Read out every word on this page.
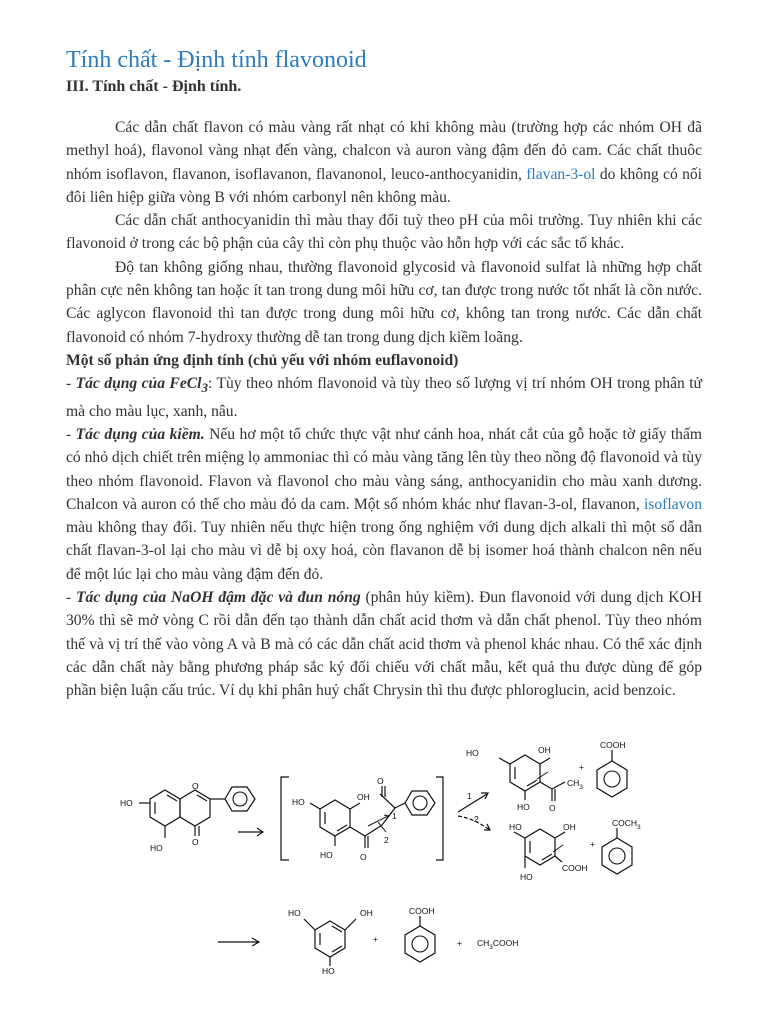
Tính chất - Định tính flavonoid
III. Tính chất - Định tính.

Các dẫn chất flavon có màu vàng rất nhạt có khi không màu (trường hợp các nhóm OH đã methyl hoá), flavonol vàng nhạt đến vàng, chalcon và auron vàng đậm đến đỏ cam. Các chất thuôc nhóm isoflavon, flavanon, isoflavanon, flavanonol, leuco-anthocyanidin, flavan-3-ol do không có nối đôi liên hiệp giữa vòng B với nhóm carbonyl nên không màu.

Các dẫn chất anthocyanidin thì màu thay đổi tuỳ theo pH của môi trường. Tuy nhiên khi các flavonoid ở trong các bộ phận của cây thì còn phụ thuộc vào hỗn hợp với các sắc tố khác.

Độ tan không giống nhau, thường flavonoid glycosid và flavonoid sulfat là những hợp chất phân cực nên không tan hoặc ít tan trong dung môi hữu cơ, tan được trong nước tốt nhất là cồn nước. Các aglycon flavonoid thì tan được trong dung môi hữu cơ, không tan trong nước. Các dẫn chất flavonoid có nhóm 7-hydroxy thường dễ tan trong dung dịch kiềm loãng.

Một số phản ứng định tính (chủ yếu với nhóm euflavonoid)

- Tác dụng của FeCl$_3$: Tùy theo nhóm flavonoid và tùy theo số lượng vị trí nhóm OH trong phân tử mà cho màu lục, xanh, nâu.

- Tác dụng của kiềm. Nếu hơ một tổ chức thực vật như cánh hoa, nhát cắt của gỗ hoặc tờ giấy thấm có nhỏ dịch chiết trên miệng lọ ammoniac thì có màu vàng tăng lên tùy theo nồng độ flavonoid và tùy theo nhóm flavonoid. Flavon và flavonol cho màu vàng sáng, anthocyanidin cho màu xanh dương. Chalcon và auron có thể cho màu đỏ da cam. Một số nhóm khác như flavan-3-ol, flavanon, isoflavon màu không thay đổi. Tuy nhiên nếu thực hiện trong ống nghiệm với dung dịch alkali thì một số dẫn chất flavan-3-ol lại cho màu vì dễ bị oxy hoá, còn flavanon dễ bị isomer hoá thành chalcon nên nếu để một lúc lại cho màu vàng đậm đến đỏ.

- Tác dụng của NaOH đậm đặc và đun nóng (phân hủy kiềm). Đun flavonoid với dung dịch KOH 30% thì sẽ mở vòng C rồi dẫn đến tạo thành dẫn chất acid thơm và dẫn chất phenol. Tùy theo nhóm thế và vị trí thế vào vòng A và B mà có các dẫn chất acid thơm và phenol khác nhau. Có thể xác định các dẫn chất này bằng phương pháp sắc ký đối chiếu với chất mẫu, kết quả thu được dùng để góp phần biện luận cấu trúc. Ví dụ khi phân huỷ chất Chrysin thì thu được phloroglucin, acid benzoic.

HO
HO
O
O
HO	OH
HO	O
O
1
2
1
2
HO	OH
HO O
$CH_3$
+
COOH
HO	OH
HO
COOH
+
$COCH_3$
HO	OH
HO
+
COOH
+ $CH_3COOH$
